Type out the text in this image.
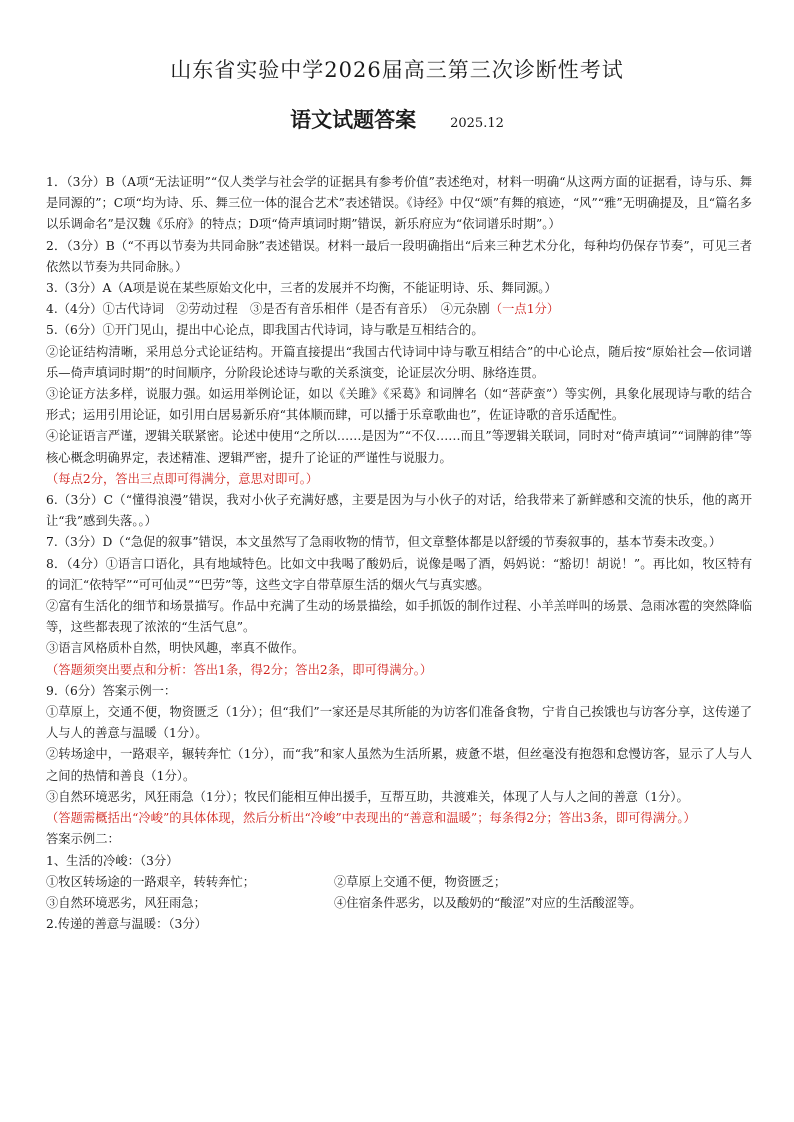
山东省实验中学2026届高三第三次诊断性考试
语文试题答案	2025.12

1．（3分）B（A项“无法证明”“仅人类学与社会学的证据具有参考价值”表述绝对，材料一明确“从这两方面的证据看，诗与乐、舞是同源的”；C项“均为诗、乐、舞三位一体的混合艺术”表述错误。《诗经》中仅“颂”有舞的痕迹，“风”“雅”无明确提及，且“篇名多以乐调命名”是汉魏《乐府》的特点；D项“倚声填词时期”错误，新乐府应为“依词谱乐时期”。）

2．（3分）B（“不再以节奏为共同命脉”表述错误。材料一最后一段明确指出“后来三种艺术分化，每种均仍保存节奏”，可见三者依然以节奏为共同命脉。）

3.（3分）A（A项是说在某些原始文化中，三者的发展并不均衡，不能证明诗、乐、舞同源。）

4.（4分）①古代诗词　②劳动过程　③是否有音乐相伴（是否有音乐）　④元杂剧（一点1分）

5.（6分）①开门见山，提出中心论点，即我国古代诗词，诗与歌是互相结合的。

②论证结构清晰，采用总分式论证结构。开篇直接提出“我国古代诗词中诗与歌互相结合”的中心论点，随后按“原始社会—依词谱乐—倚声填词时期”的时间顺序，分阶段论述诗与歌的关系演变，论证层次分明、脉络连贯。

③论证方法多样，说服力强。如运用举例论证，如以《关雎》《采葛》和词牌名（如“菩萨蛮”）等实例，具象化展现诗与歌的结合形式；运用引用论证，如引用白居易新乐府“其体顺而肆，可以播于乐章歌曲也”，佐证诗歌的音乐适配性。

④论证语言严谨，逻辑关联紧密。论述中使用“之所以……是因为”“不仅……而且”等逻辑关联词，同时对“倚声填词”“词牌韵律”等核心概念明确界定，表述精准、逻辑严密，提升了论证的严谨性与说服力。

（每点2分，答出三点即可得满分，意思对即可。）

6.（3分）C（“懂得浪漫”错误，我对小伙子充满好感，主要是因为与小伙子的对话，给我带来了新鲜感和交流的快乐，他的离开让“我”感到失落。。）

7.（3分）D（“急促的叙事”错误，本文虽然写了急雨收物的情节，但文章整体都是以舒缓的节奏叙事的，基本节奏未改变。）

8．（4分）①语言口语化，具有地域特色。比如文中我喝了酸奶后，说像是喝了酒，妈妈说：“豁切！胡说！”。再比如，牧区特有的词汇“依特罕”“可可仙灵”“巴劳”等，这些文字自带草原生活的烟火气与真实感。

②富有生活化的细节和场景描写。作品中充满了生动的场景描绘，如手抓饭的制作过程、小羊羔咩叫的场景、急雨冰雹的突然降临等，这些都表现了浓浓的“生活气息”。

③语言风格质朴自然，明快风趣，率真不做作。

（答题须突出要点和分析：答出1条，得2分；答出2条，即可得满分。）

9.（6分）答案示例一：

①草原上，交通不便，物资匮乏（1分）；但“我们”一家还是尽其所能的为访客们准备食物，宁肯自己挨饿也与访客分享，这传递了人与人的善意与温暖（1分）。

②转场途中，一路艰辛，辗转奔忙（1分），而“我”和家人虽然为生活所累，疲惫不堪，但丝毫没有抱怨和怠慢访客，显示了人与人之间的热情和善良（1分）。

③自然环境恶劣，风狂雨急（1分）；牧民们能相互伸出援手，互帮互助，共渡难关，体现了人与人之间的善意（1分）。

（答题需概括出“冷峻”的具体体现，然后分析出“冷峻”中表现出的“善意和温暖”；每条得2分；答出3条，即可得满分。）

答案示例二：

1、生活的冷峻：（3分）

①牧区转场途的一路艰辛，转转奔忙；	②草原上交通不便，物资匮乏；
③自然环境恶劣，风狂雨急；	④住宿条件恶劣，以及酸奶的“酸涩”对应的生活酸涩等。

2.传递的善意与温暖：（3分）
